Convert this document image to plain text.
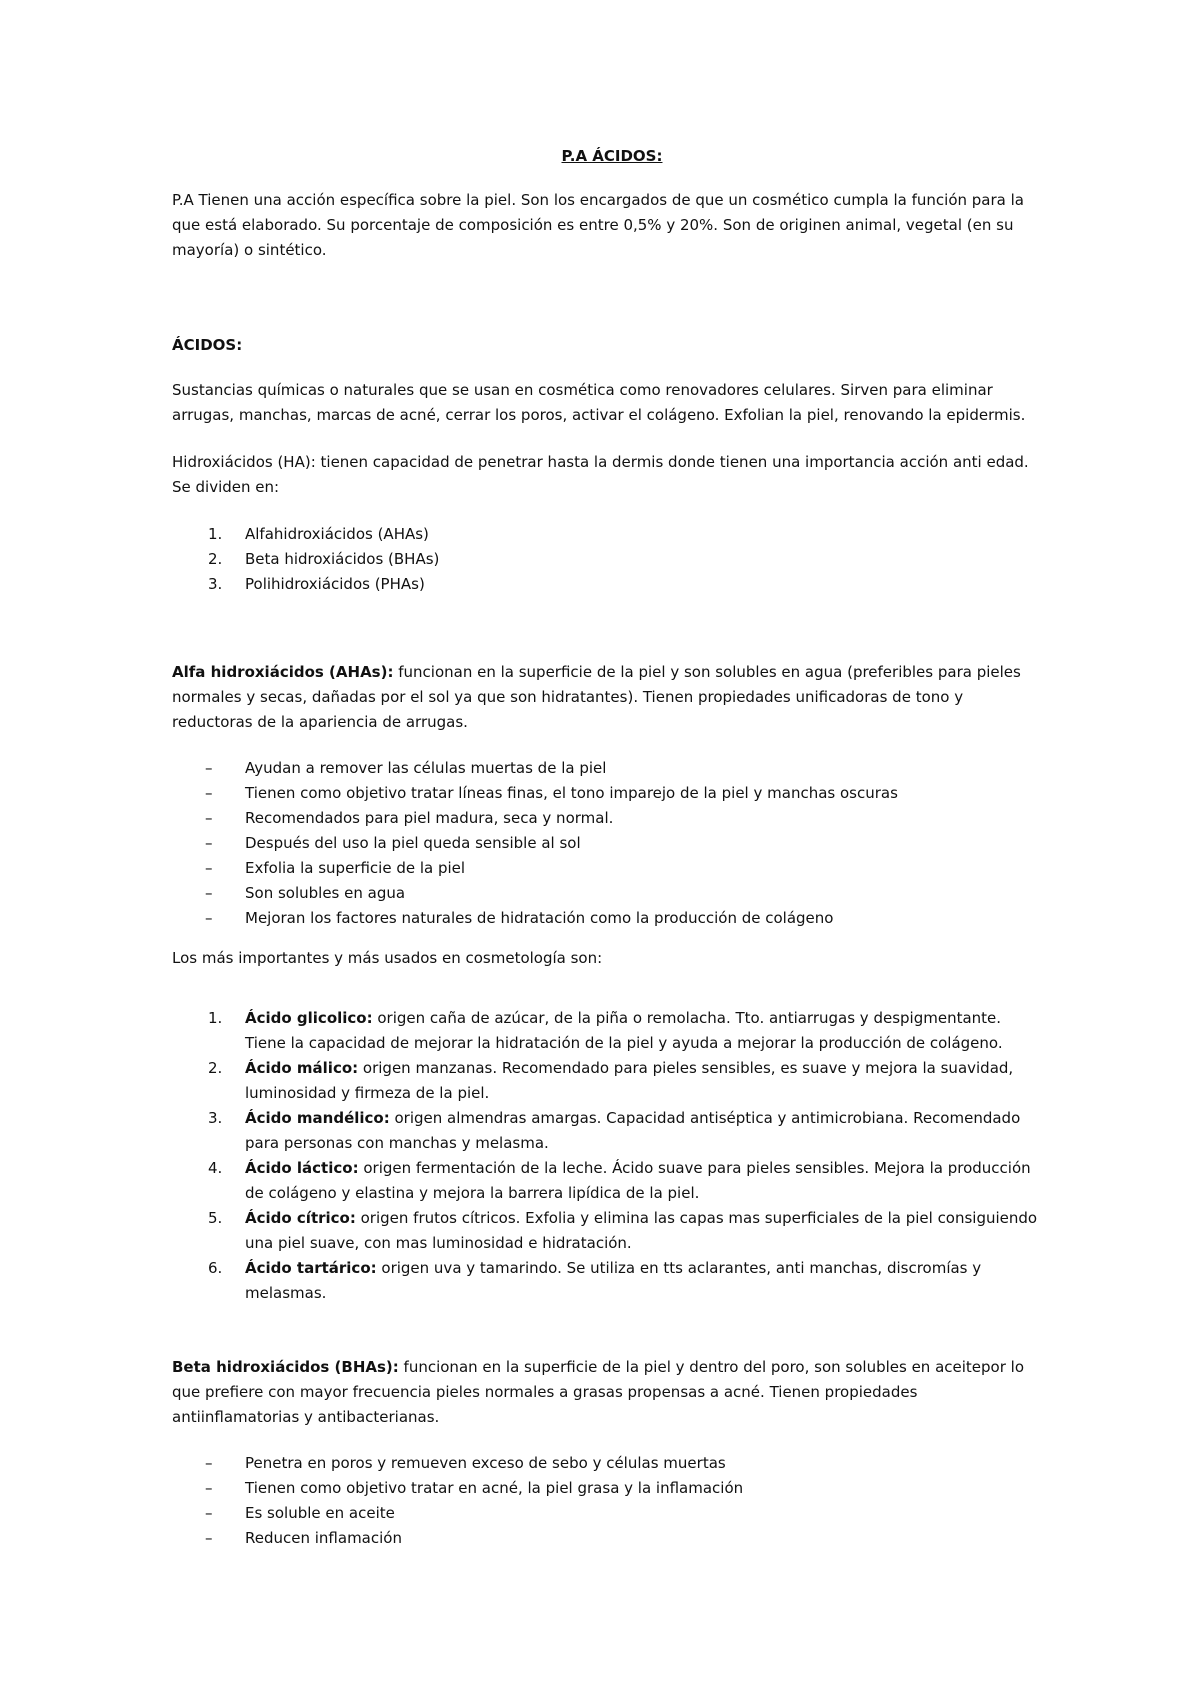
P.A ÁCIDOS:

P.A Tienen una acción específica sobre la piel. Son los encargados de que un cosmético cumpla la función para la que está elaborado. Su porcentaje de composición es entre 0,5% y 20%. Son de originen animal, vegetal (en su mayoría) o sintético.

ÁCIDOS:

Sustancias químicas o naturales que se usan en cosmética como renovadores celulares. Sirven para eliminar arrugas, manchas, marcas de acné, cerrar los poros, activar el colágeno. Exfolian la piel, renovando la epidermis.

Hidroxiácidos (HA): tienen capacidad de penetrar hasta la dermis donde tienen una importancia acción anti edad. Se dividen en:

1. Alfahidroxiácidos (AHAs)
2. Beta hidroxiácidos (BHAs)
3. Polihidroxiácidos (PHAs)

Alfa hidroxiácidos (AHAs): funcionan en la superficie de la piel y son solubles en agua (preferibles para pieles normales y secas, dañadas por el sol ya que son hidratantes). Tienen propiedades unificadoras de tono y reductoras de la apariencia de arrugas.

– Ayudan a remover las células muertas de la piel
– Tienen como objetivo tratar líneas finas, el tono imparejo de la piel y manchas oscuras
– Recomendados para piel madura, seca y normal.
– Después del uso la piel queda sensible al sol
– Exfolia la superficie de la piel
– Son solubles en agua
– Mejoran los factores naturales de hidratación como la producción de colágeno

Los más importantes y más usados en cosmetología son:

1. Ácido glicolico: origen caña de azúcar, de la piña o remolacha. Tto. antiarrugas y despigmentante. Tiene la capacidad de mejorar la hidratación de la piel y ayuda a mejorar la producción de colágeno.
2. Ácido málico: origen manzanas. Recomendado para pieles sensibles, es suave y mejora la suavidad, luminosidad y firmeza de la piel.
3. Ácido mandélico: origen almendras amargas. Capacidad antiséptica y antimicrobiana. Recomendado para personas con manchas y melasma.
4. Ácido láctico: origen fermentación de la leche. Ácido suave para pieles sensibles. Mejora la producción de colágeno y elastina y mejora la barrera lipídica de la piel.
5. Ácido cítrico: origen frutos cítricos. Exfolia y elimina las capas mas superficiales de la piel consiguiendo una piel suave, con mas luminosidad e hidratación.
6. Ácido tartárico: origen uva y tamarindo. Se utiliza en tts aclarantes, anti manchas, discromías y melasmas.

Beta hidroxiácidos (BHAs): funcionan en la superficie de la piel y dentro del poro, son solubles en aceitepor lo que prefiere con mayor frecuencia pieles normales a grasas propensas a acné. Tienen propiedades antiinflamatorias y antibacterianas.

– Penetra en poros y remueven exceso de sebo y células muertas
– Tienen como objetivo tratar en acné, la piel grasa y la inflamación
– Es soluble en aceite
– Reducen inflamación
